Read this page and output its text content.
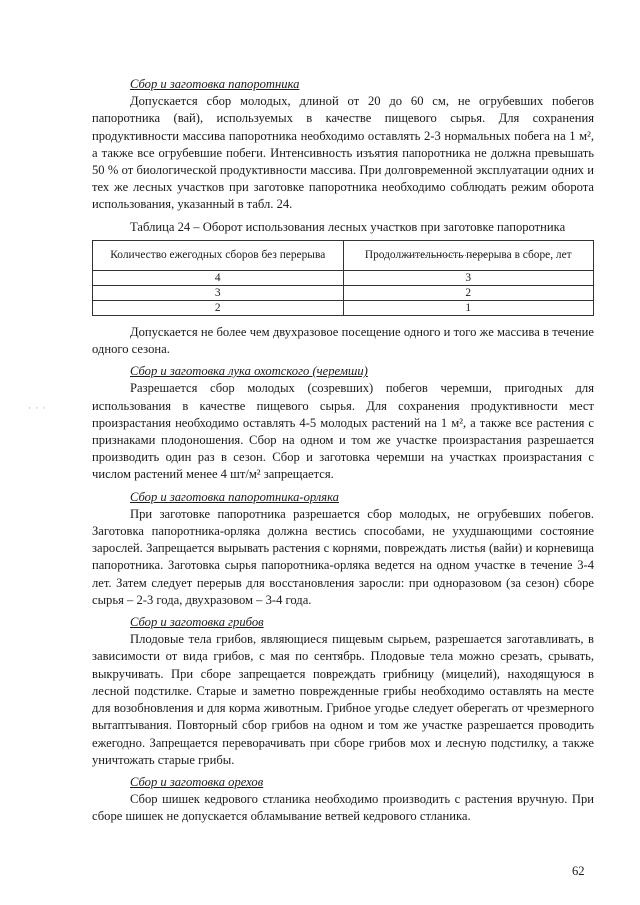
· · ·

Сбор и заготовка папоротника

Допускается сбор молодых, длиной от 20 до 60 см, не огрубевших побегов папоротника (вай), используемых в качестве пищевого сырья. Для сохранения продуктивности массива папоротника необходимо оставлять 2-3 нормальных побега на 1 м², а также все огрубевшие побеги. Интенсивность изъятия папоротника не должна превышать 50 % от биологической продуктивности массива. При долговременной эксплуатации одних и тех же лесных участков при заготовке папоротника необходимо соблюдать режим оборота использования, указанный в табл. 24.

Таблица 24 – Оборот использования лесных участков при заготовке папоротника

Количество ежегодных сборов без перерыва	Продолжительность перерыва в сборе, лет
4	3
3	2
2	1

Допускается не более чем двухразовое посещение одного и того же массива в течение одного сезона.

Сбор и заготовка лука охотского (черемши)

Разрешается сбор молодых (созревших) побегов черемши, пригодных для использования в качестве пищевого сырья. Для сохранения продуктивности мест произрастания необходимо оставлять 4-5 молодых растений на 1 м², а также все растения с признаками плодоношения. Сбор на одном и том же участке произрастания разрешается производить один раз в сезон. Сбор и заготовка черемши на участках произрастания с числом растений менее 4 шт/м² запрещается.

Сбор и заготовка папоротника-орляка

При заготовке папоротника разрешается сбор молодых, не огрубевших побегов. Заготовка папоротника-орляка должна вестись способами, не ухудшающими состояние зарослей. Запрещается вырывать растения с корнями, повреждать листья (вайи) и корневища папоротника. Заготовка сырья папоротника-орляка ведется на одном участке в течение 3-4 лет. Затем следует перерыв для восстановления заросли: при одноразовом (за сезон) сборе сырья – 2-3 года, двухразовом – 3-4 года.

Сбор и заготовка грибов

Плодовые тела грибов, являющиеся пищевым сырьем, разрешается заготавливать, в зависимости от вида грибов, с мая по сентябрь. Плодовые тела можно срезать, срывать, выкручивать. При сборе запрещается повреждать грибницу (мицелий), находящуюся в лесной подстилке. Старые и заметно поврежденные грибы необходимо оставлять на месте для возобновления и для корма животным. Грибное угодье следует оберегать от чрезмерного вытаптывания. Повторный сбор грибов на одном и том же участке разрешается проводить ежегодно. Запрещается переворачивать при сборе грибов мох и лесную подстилку, а также уничтожать старые грибы.

Сбор и заготовка орехов

Сбор шишек кедрового стланика необходимо производить с растения вручную. При сборе шишек не допускается обламывание ветвей кедрового стланика.

62
